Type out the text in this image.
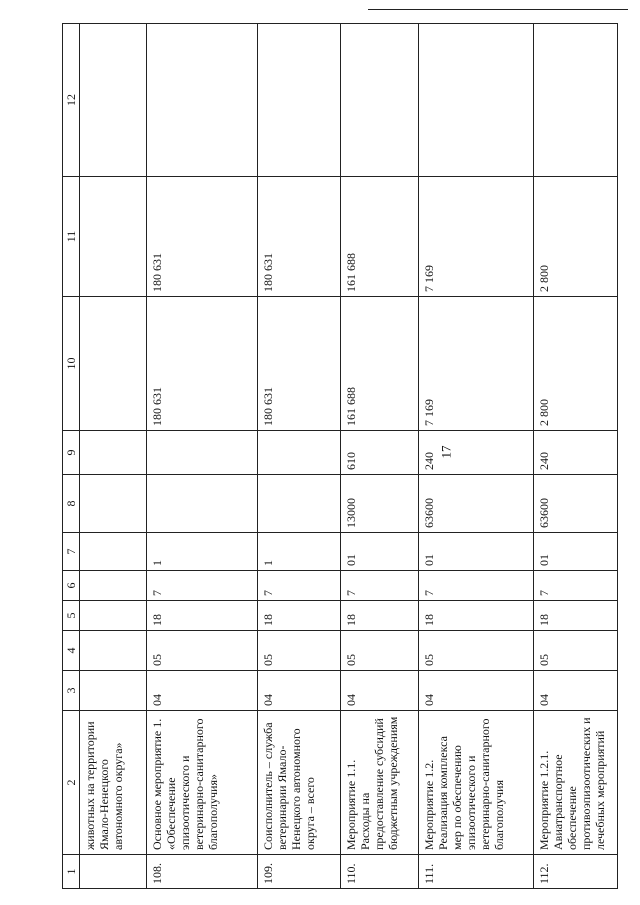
17
1	2	3	4	5	6	7	8	9	10	11	12
	животных на территории Ямало-Ненецкого автономного округа»										
108.	Основное мероприятие 1. «Обеспечение эпизоотического и ветеринарно-санитарного благополучия»	04	05	18	7	1			180 631	180 631	
109.	Соисполнитель – служба ветеринарии Ямало-Ненецкого автономного округа – всего	04	05	18	7	1			180 631	180 631	
110.	Мероприятие 1.1. Расходы на предоставление субсидий бюджетным учреждениям	04	05	18	7	01	13000	610	161 688	161 688	
111.	Мероприятие 1.2. Реализация комплекса мер по обеспечению эпизоотического и ветеринарно-санитарного благополучия	04	05	18	7	01	63600	240	7 169	7 169	
112.	Мероприятие 1.2.1. Авиатранспортное обеспечение противоэпизоотических и лечебных мероприятий	04	05	18	7	01	63600	240	2 800	2 800	
